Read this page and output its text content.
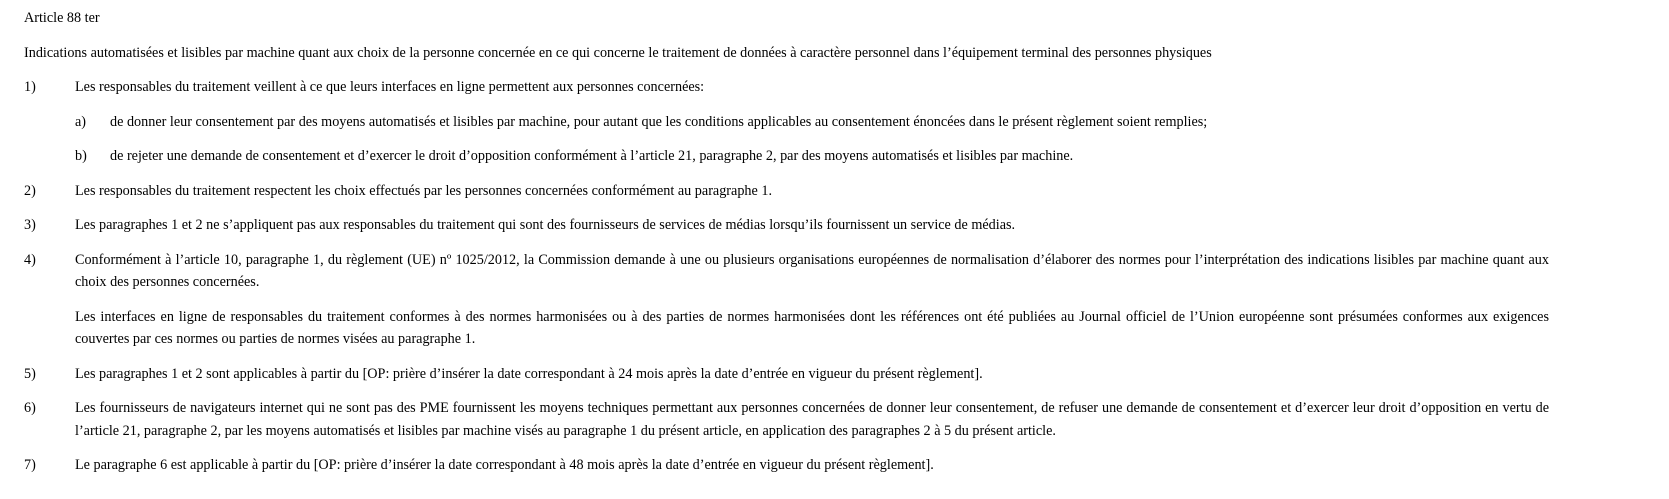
Article 88 ter

Indications automatisées et lisibles par machine quant aux choix de la personne concernée en ce qui concerne le traitement de données à caractère personnel dans l’équipement terminal des personnes physiques

1)	Les responsables du traitement veillent à ce que leurs interfaces en ligne permettent aux personnes concernées:
a)	de donner leur consentement par des moyens automatisés et lisibles par machine, pour autant que les conditions applicables au consentement énoncées dans le présent règlement soient remplies;
b)	de rejeter une demande de consentement et d’exercer le droit d’opposition conformément à l’article 21, paragraphe 2, par des moyens automatisés et lisibles par machine.
2)	Les responsables du traitement respectent les choix effectués par les personnes concernées conformément au paragraphe 1.
3)	Les paragraphes 1 et 2 ne s’appliquent pas aux responsables du traitement qui sont des fournisseurs de services de médias lorsqu’ils fournissent un service de médias.
4)	Conformément à l’article 10, paragraphe 1, du règlement (UE) nº 1025/2012, la Commission demande à une ou plusieurs organisations européennes de normalisation d’élaborer des normes pour l’interprétation des indications lisibles par machine quant aux choix des personnes concernées.
Les interfaces en ligne de responsables du traitement conformes à des normes harmonisées ou à des parties de normes harmonisées dont les références ont été publiées au Journal officiel de l’Union européenne sont présumées conformes aux exigences couvertes par ces normes ou parties de normes visées au paragraphe 1.
5)	Les paragraphes 1 et 2 sont applicables à partir du [OP: prière d’insérer la date correspondant à 24 mois après la date d’entrée en vigueur du présent règlement].
6)	Les fournisseurs de navigateurs internet qui ne sont pas des PME fournissent les moyens techniques permettant aux personnes concernées de donner leur consentement, de refuser une demande de consentement et d’exercer leur droit d’opposition en vertu de l’article 21, paragraphe 2, par les moyens automatisés et lisibles par machine visés au paragraphe 1 du présent article, en application des paragraphes 2 à 5 du présent article.
7)	Le paragraphe 6 est applicable à partir du [OP: prière d’insérer la date correspondant à 48 mois après la date d’entrée en vigueur du présent règlement].
